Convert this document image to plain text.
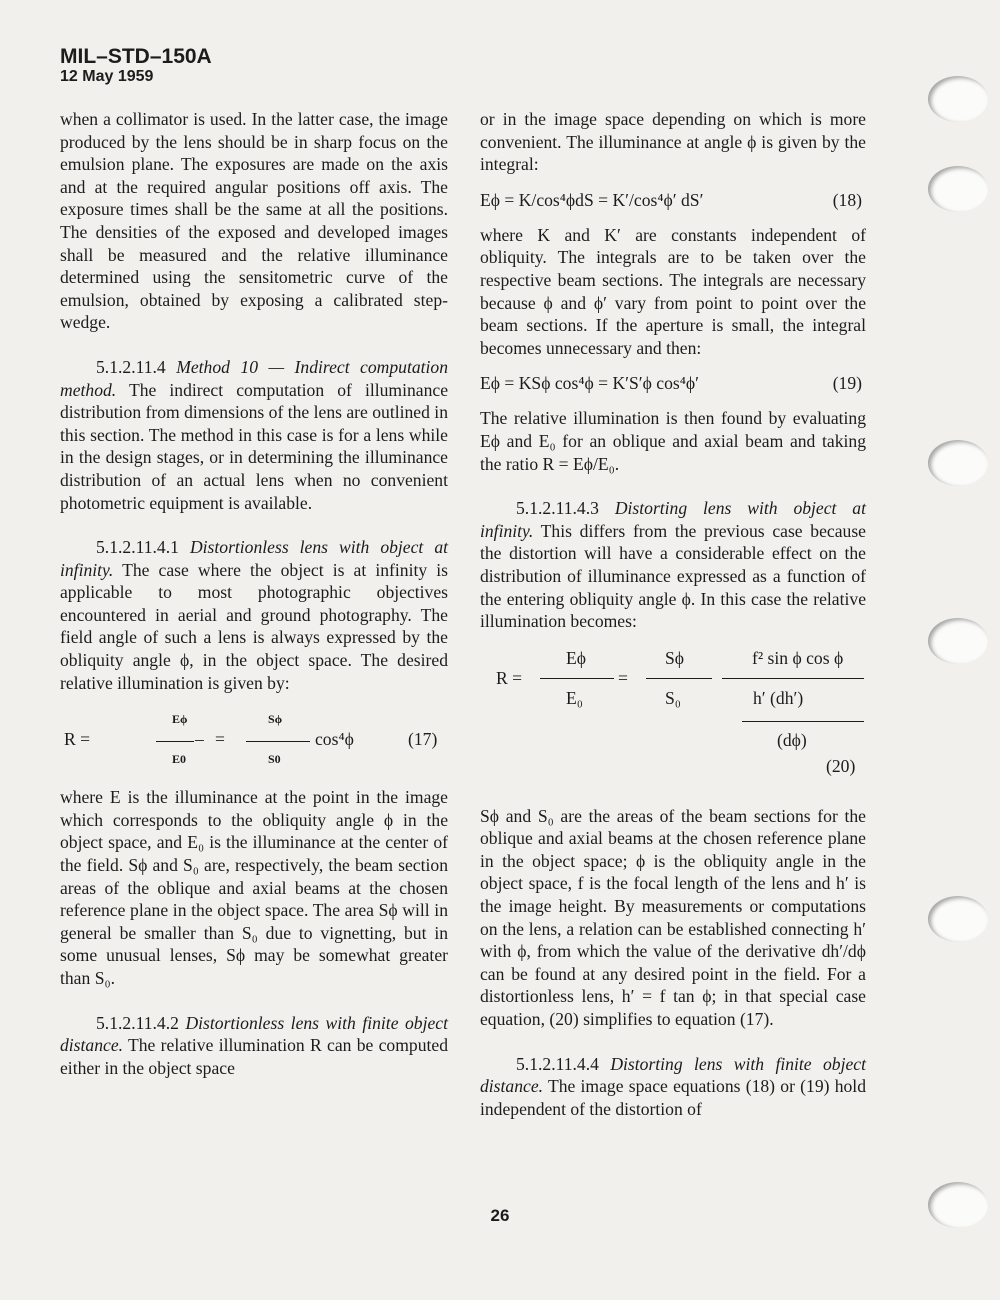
MIL–STD–150A
12 May 1959

when a collimator is used. In the latter case, the image produced by the lens should be in sharp focus on the emulsion plane. The exposures are made on the axis and at the required angular positions off axis. The exposure times shall be the same at all the positions. The densities of the exposed and developed images shall be measured and the relative illuminance determined using the sensitometric curve of the emulsion, obtained by exposing a calibrated step-wedge.

5.1.2.11.4 Method 10 — Indirect computation method. The indirect computation of illuminance distribution from dimensions of the lens are outlined in this section. The method in this case is for a lens while in the design stages, or in determining the illuminance distribution of an actual lens when no convenient photometric equipment is available.

5.1.2.11.4.1 Distortionless lens with object at infinity. The case where the object is at infinity is applicable to most photographic objectives encountered in aerial and ground photography. The field angle of such a lens is always expressed by the obliquity angle ϕ, in the object space. The desired relative illumination is given by:

R =
Eϕ
–
E0
=
Sϕ
S0
cos⁴ϕ	(17)

where E is the illuminance at the point in the image which corresponds to the obliquity angle ϕ in the object space, and E₀ is the illuminance at the center of the field. Sϕ and S₀ are, respectively, the beam section areas of the oblique and axial beams at the chosen reference plane in the object space. The area Sϕ will in general be smaller than S₀ due to vignetting, but in some unusual lenses, Sϕ may be somewhat greater than S₀.

5.1.2.11.4.2 Distortionless lens with finite object distance. The relative illumination R can be computed either in the object space

or in the image space depending on which is more convenient. The illuminance at angle ϕ is given by the integral:

Eϕ = K/cos⁴ϕdS = K′/cos⁴ϕ′ dS′	(18)

where K and K′ are constants independent of obliquity. The integrals are to be taken over the respective beam sections. The integrals are necessary because ϕ and ϕ′ vary from point to point over the beam sections. If the aperture is small, the integral becomes unnecessary and then:

Eϕ = KSϕ cos⁴ϕ = K′S′ϕ cos⁴ϕ′	(19)

The relative illumination is then found by evaluating Eϕ and E₀ for an oblique and axial beam and taking the ratio R = Eϕ/E₀.

5.1.2.11.4.3 Distorting lens with object at infinity. This differs from the previous case because the distortion will have a considerable effect on the distribution of illuminance expressed as a function of the entering obliquity angle ϕ. In this case the relative illumination becomes:

Eϕ	Sϕ	f² sin ϕ cos ϕ
R =	=
E₀	S₀	h′ (dh′)
(dϕ)
(20)

Sϕ and S₀ are the areas of the beam sections for the oblique and axial beams at the chosen reference plane in the object space; ϕ is the obliquity angle in the object space, f is the focal length of the lens and h′ is the image height. By measurements or computations on the lens, a relation can be established connecting h′ with ϕ, from which the value of the derivative dh′/dϕ can be found at any desired point in the field. For a distortionless lens, h′ = f tan ϕ; in that special case equation, (20) simplifies to equation (17).

5.1.2.11.4.4 Distorting lens with finite object distance. The image space equations (18) or (19) hold independent of the distortion of

26
